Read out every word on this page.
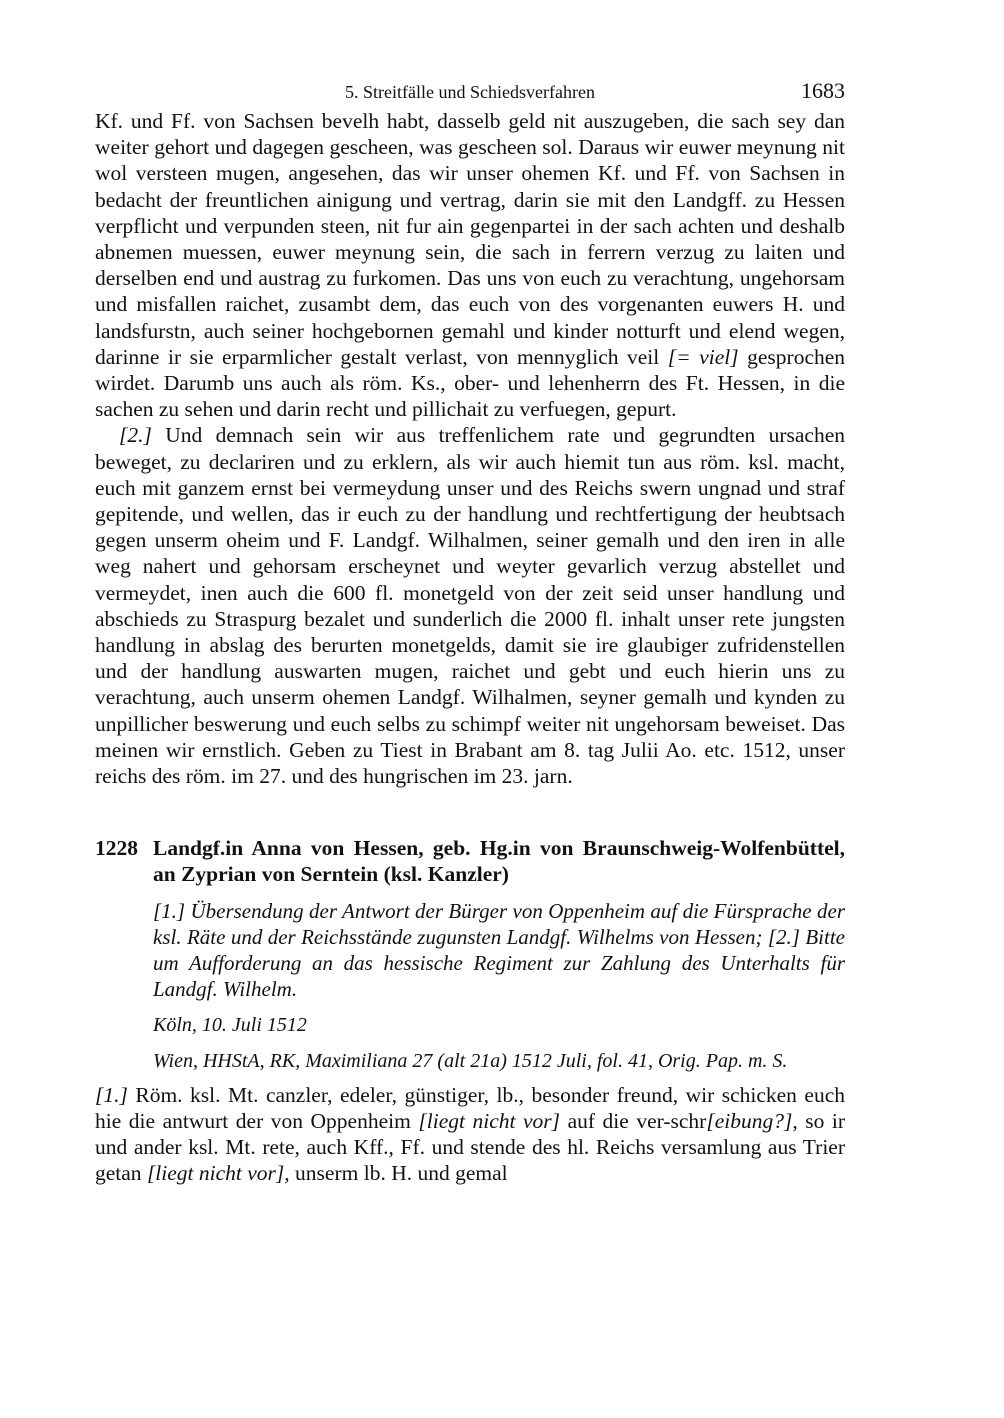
5. Streitfälle und Schiedsverfahren	1683

Kf. und Ff. von Sachsen bevelh habt, dasselb geld nit auszugeben, die sach sey dan weiter gehort und dagegen gescheen, was gescheen sol. Daraus wir euwer meynung nit wol versteen mugen, angesehen, das wir unser ohemen Kf. und Ff. von Sachsen in bedacht der freuntlichen ainigung und vertrag, darin sie mit den Landgff. zu Hessen verpflicht und verpunden steen, nit fur ain gegenpartei in der sach achten und deshalb abnemen muessen, euwer meynung sein, die sach in ferrern verzug zu laiten und derselben end und austrag zu furkomen. Das uns von euch zu verachtung, ungehorsam und misfallen raichet, zusambt dem, das euch von des vorgenanten euwers H. und landsfurstn, auch seiner hochgebornen gemahl und kinder notturft und elend wegen, darinne ir sie erparmlicher gestalt verlast, von mennyglich veil [= viel] gesprochen wirdet. Darumb uns auch als röm. Ks., ober- und lehenherrn des Ft. Hessen, in die sachen zu sehen und darin recht und pillichait zu verfuegen, gepurt.

[2.] Und demnach sein wir aus treffenlichem rate und gegrundten ursachen beweget, zu declariren und zu erklern, als wir auch hiemit tun aus röm. ksl. macht, euch mit ganzem ernst bei vermeydung unser und des Reichs swern ungnad und straf gepitende, und wellen, das ir euch zu der handlung und rechtfertigung der heubtsach gegen unserm oheim und F. Landgf. Wilhalmen, seiner gemalh und den iren in alle weg nahert und gehorsam erscheynet und weyter gevarlich verzug abstellet und vermeydet, inen auch die 600 fl. monetgeld von der zeit seid unser handlung und abschieds zu Straspurg bezalet und sunderlich die 2000 fl. inhalt unser rete jungsten handlung in abslag des berurten monetgelds, damit sie ire glaubiger zufridenstellen und der handlung auswarten mugen, raichet und gebt und euch hierin uns zu verachtung, auch unserm ohemen Landgf. Wilhalmen, seyner gemalh und kynden zu unpillicher beswerung und euch selbs zu schimpf weiter nit ungehorsam beweiset. Das meinen wir ernstlich. Geben zu Tiest in Brabant am 8. tag Julii Ao. etc. 1512, unser reichs des röm. im 27. und des hungrischen im 23. jarn.

1228 Landgf.in Anna von Hessen, geb. Hg.in von Braunschweig-Wolfenbüttel, an Zyprian von Serntein (ksl. Kanzler)

[1.] Übersendung der Antwort der Bürger von Oppenheim auf die Fürsprache der ksl. Räte und der Reichsstände zugunsten Landgf. Wilhelms von Hessen; [2.] Bitte um Aufforderung an das hessische Regiment zur Zahlung des Unterhalts für Landgf. Wilhelm.

Köln, 10. Juli 1512

Wien, HHStA, RK, Maximiliana 27 (alt 21a) 1512 Juli, fol. 41, Orig. Pap. m. S.

[1.] Röm. ksl. Mt. canzler, edeler, günstiger, lb., besonder freund, wir schicken euch hie die antwurt der von Oppenheim [liegt nicht vor] auf die ver-schr[eibung?], so ir und ander ksl. Mt. rete, auch Kff., Ff. und stende des hl. Reichs versamlung aus Trier getan [liegt nicht vor], unserm lb. H. und gemal
